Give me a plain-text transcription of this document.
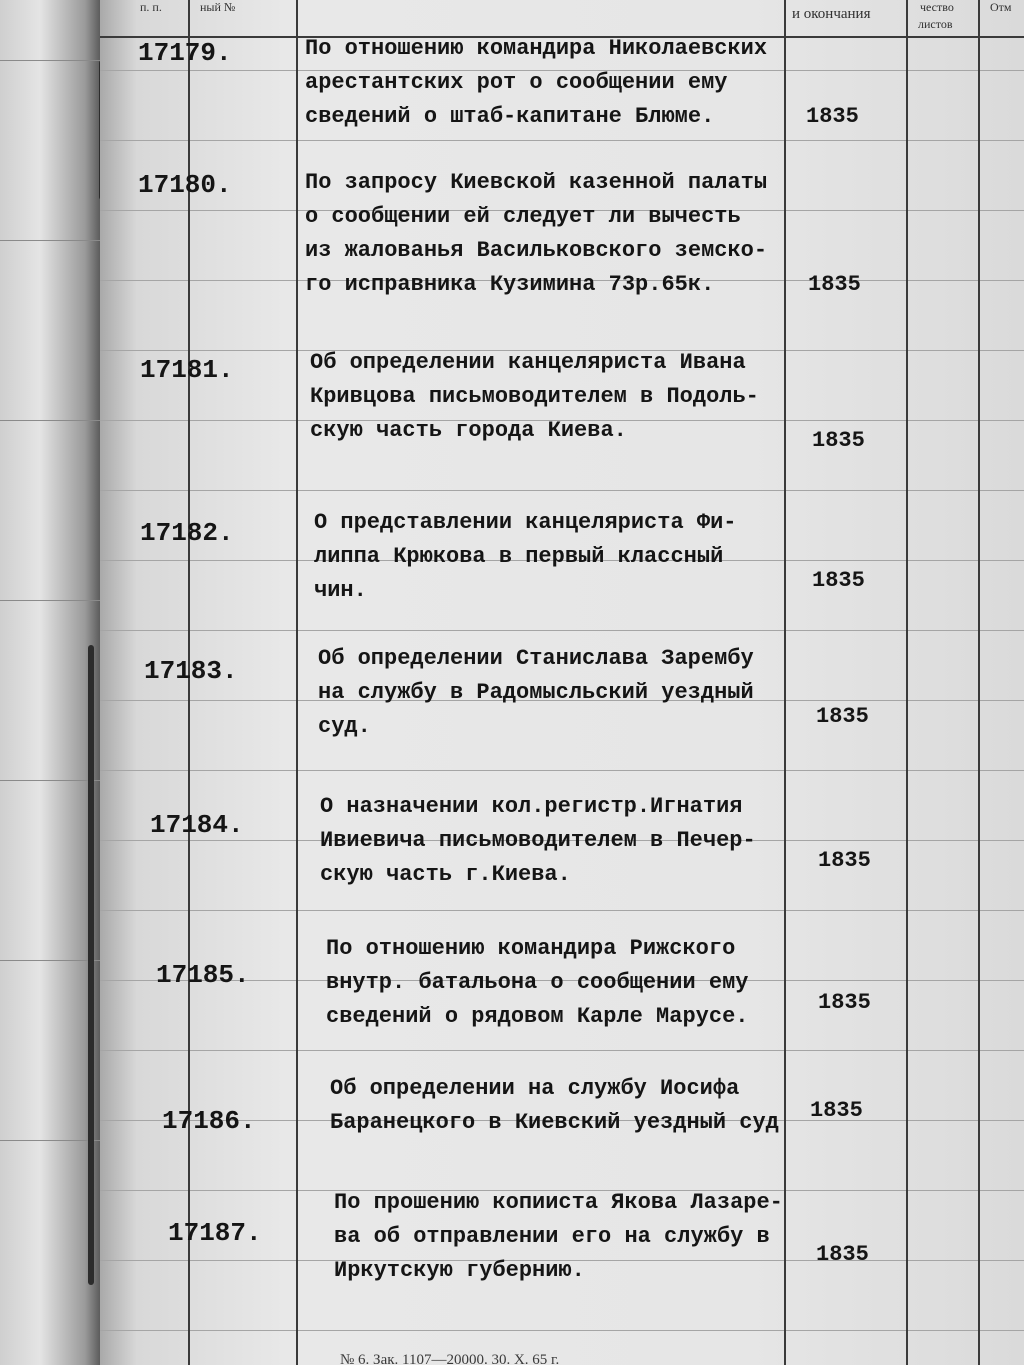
п. п.	ный №	и окончания	чество
листов
Отм
17179.	По отношению командира Николаевских
арестантских рот о сообщении ему
сведений о штаб-капитане Блюме.	1835
17180.	По запросу Киевской казенной палаты
о сообщении ей следует ли вычесть
из жалованья Васильковского земско-
го исправника Кузимина 73р.65к.	1835
17181.	Об определении канцеляриста Ивана
Кривцова письмоводителем в Подоль-
скую часть города Киева.	1835
17182.	О представлении канцеляриста Фи-
липпа Крюкова в первый классный
чин.	1835
17183.	Об определении Станислава Зарембу
на службу в Радомысльский уездный
суд.	1835
17184.
О назначении кол.регистр.Игнатия
Ивиевича письмоводителем в Печер-
скую часть г.Киева.
1835
17185.
По отношению командира Рижского
внутр. батальона о сообщении ему
сведений о рядовом Карле Марусе.
1835
17186.
Об определении на службу Иосифа
Баранецкого в Киевский уездный суд 1835
17187.
По прошению копииста Якова Лазаре-
ва об отправлении его на службу в
Иркутскую губернию.
1835
№ 6. Зак. 1107—20000. 30. X. 65 г.
